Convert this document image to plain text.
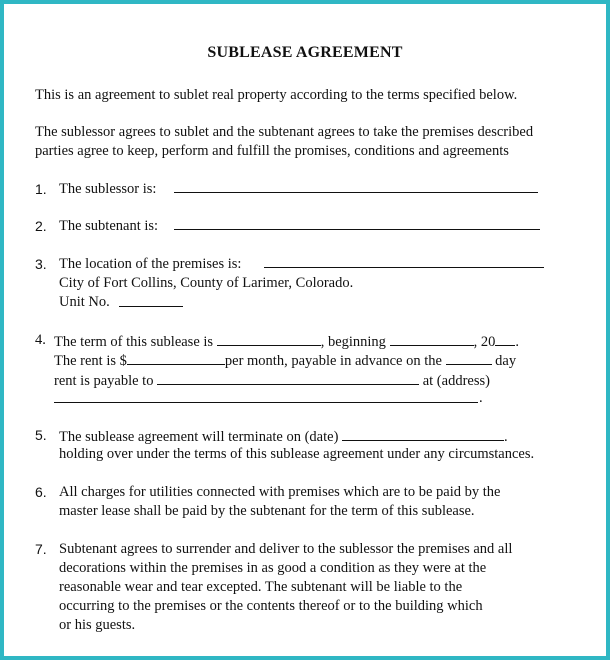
SUBLEASE AGREEMENT
This is an agreement to sublet real property according to the terms specified below.
The sublessor agrees to sublet and the subtenant agrees to take the premises described
parties agree to keep, perform and fulfill the promises, conditions and agreements
1. The sublessor is:
2. The subtenant is:
3. The location of the premises is:
City of Fort Collins, County of Larimer, Colorado.
Unit No.
4. The term of this sublease is	, beginning	, 20 .
The rent is $	per month, payable in advance on the	day
rent is payable to	at (address)
.
5. The sublease agreement will terminate on (date)	.
holding over under the terms of this sublease agreement under any circumstances.
6. All charges for utilities connected with premises which are to be paid by the
master lease shall be paid by the subtenant for the term of this sublease.
7. Subtenant agrees to surrender and deliver to the sublessor the premises and all
decorations within the premises in as good a condition as they were at the
reasonable wear and tear excepted. The subtenant will be liable to the
occurring to the premises or the contents thereof or to the building which
or his guests.
